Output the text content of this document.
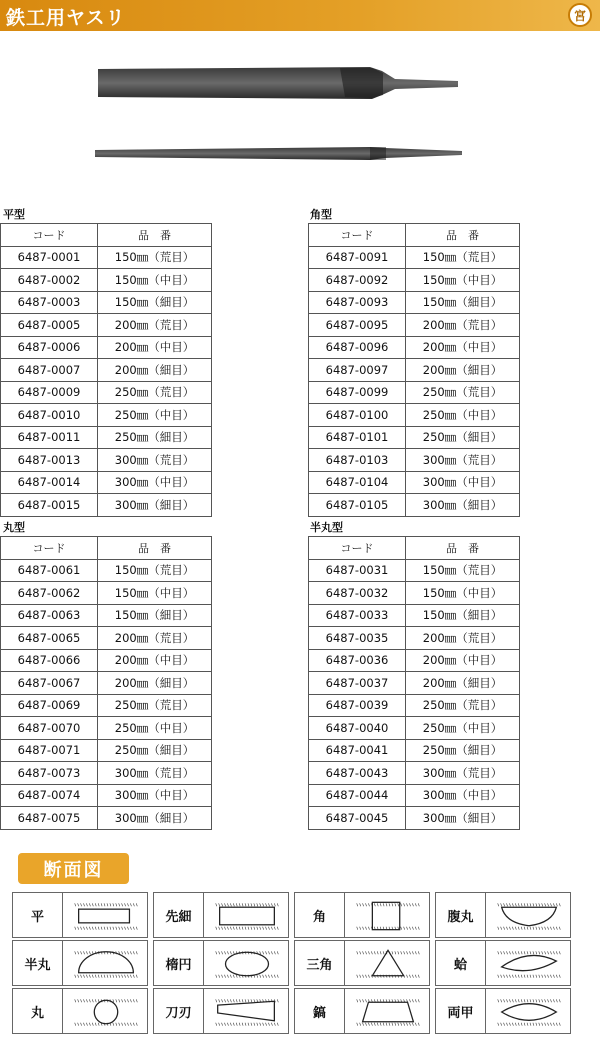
鉄工用ヤスリ	宮
平型
コード	品　番
6487-0001	150㎜（荒目）
6487-0002	150㎜（中目）
6487-0003	150㎜（細目）
6487-0005	200㎜（荒目）
6487-0006	200㎜（中目）
6487-0007	200㎜（細目）
6487-0009	250㎜（荒目）
6487-0010	250㎜（中目）
6487-0011	250㎜（細目）
6487-0013	300㎜（荒目）
6487-0014	300㎜（中目）
6487-0015	300㎜（細目）
角型
コード	品　番
6487-0091	150㎜（荒目）
6487-0092	150㎜（中目）
6487-0093	150㎜（細目）
6487-0095	200㎜（荒目）
6487-0096	200㎜（中目）
6487-0097	200㎜（細目）
6487-0099	250㎜（荒目）
6487-0100	250㎜（中目）
6487-0101	250㎜（細目）
6487-0103	300㎜（荒目）
6487-0104	300㎜（中目）
6487-0105	300㎜（細目）
丸型
コード	品　番
6487-0061	150㎜（荒目）
6487-0062	150㎜（中目）
6487-0063	150㎜（細目）
6487-0065	200㎜（荒目）
6487-0066	200㎜（中目）
6487-0067	200㎜（細目）
6487-0069	250㎜（荒目）
6487-0070	250㎜（中目）
6487-0071	250㎜（細目）
6487-0073	300㎜（荒目）
6487-0074	300㎜（中目）
6487-0075	300㎜（細目）
半丸型
コード	品　番
6487-0031	150㎜（荒目）
6487-0032	150㎜（中目）
6487-0033	150㎜（細目）
6487-0035	200㎜（荒目）
6487-0036	200㎜（中目）
6487-0037	200㎜（細目）
6487-0039	250㎜（荒目）
6487-0040	250㎜（中目）
6487-0041	250㎜（細目）
6487-0043	300㎜（荒目）
6487-0044	300㎜（中目）
6487-0045	300㎜（細目）
断面図
平	先細	角	腹丸
半丸	楕円	三角	蛤
丸	刀刃	鎬	両甲
